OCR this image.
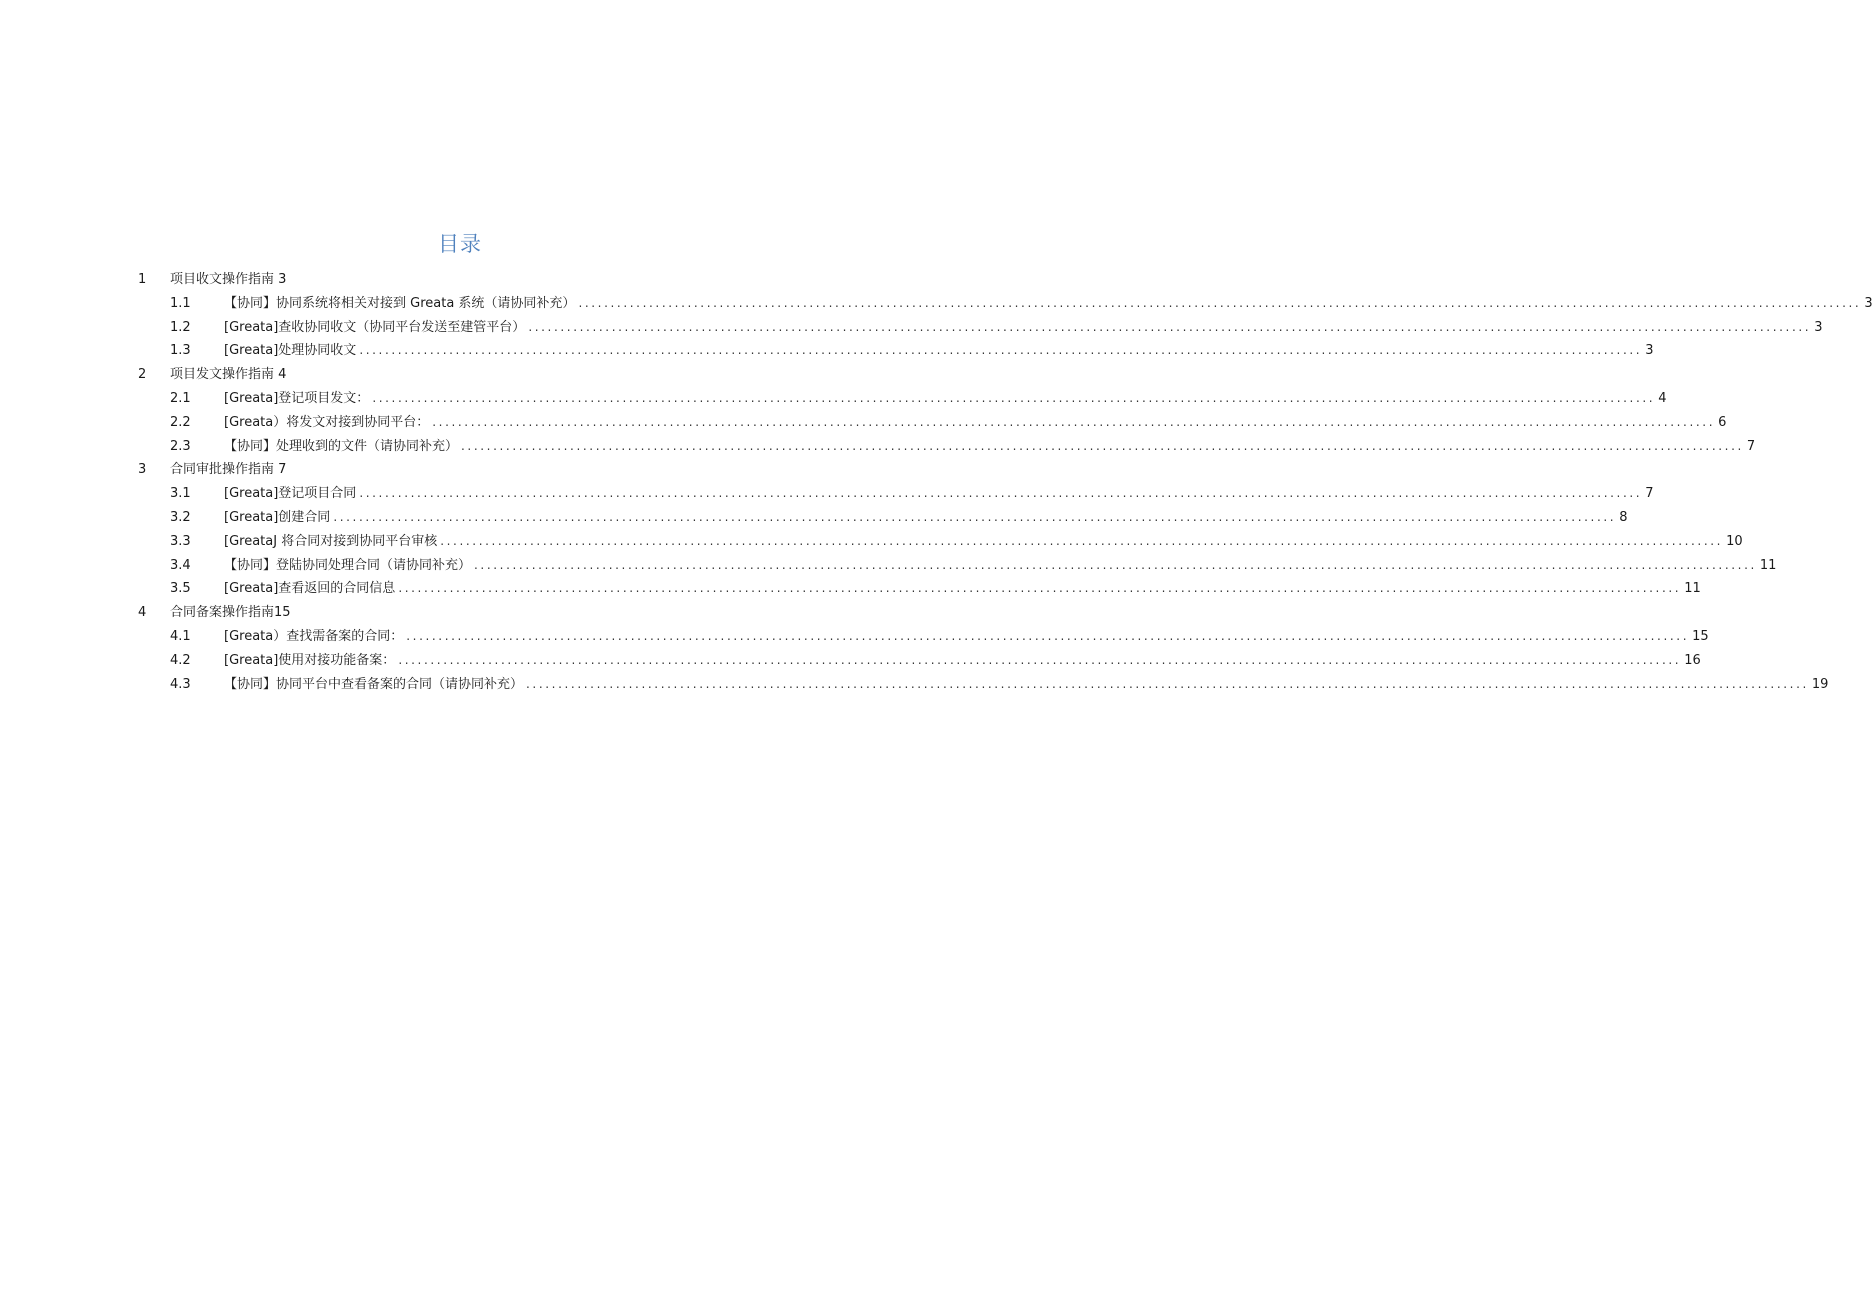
目录
1 项目收文操作指南 3
1.1	【协同】协同系统将相关对接到 Greata 系统（请协同补充） ........................................................................................................................................................................................................ 3
1.2	[Greata]查收协同收文（协同平台发送至建管平台） ........................................................................................................................................................................................................ 3
1.3	[Greata]处理协同收文 ........................................................................................................................................................................................................ 3
2 项目发文操作指南 4
2.1	[Greata]登记项目发文： ........................................................................................................................................................................................................ 4
2.2	[Greata）将发文对接到协同平台： ........................................................................................................................................................................................................ 6
2.3	【协同】处理收到的文件（请协同补充） ........................................................................................................................................................................................................ 7
3 合同审批操作指南 7
3.1	[Greata]登记项目合同 ........................................................................................................................................................................................................ 7
3.2	[Greata]创建合同 ........................................................................................................................................................................................................ 8
3.3	[GreataJ 将合同对接到协同平台审核 ........................................................................................................................................................................................................ 10
3.4	【协同】登陆协同处理合同（请协同补充） ........................................................................................................................................................................................................ 11
3.5	[Greata]查看返回的合同信息 ........................................................................................................................................................................................................ 11
4 合同备案操作指南15
4.1	[Greata）查找需备案的合同： ........................................................................................................................................................................................................ 15
4.2	[Greata]使用对接功能备案： ........................................................................................................................................................................................................ 16
4.3	【协同】协同平台中查看备案的合同（请协同补充） ........................................................................................................................................................................................................ 19
